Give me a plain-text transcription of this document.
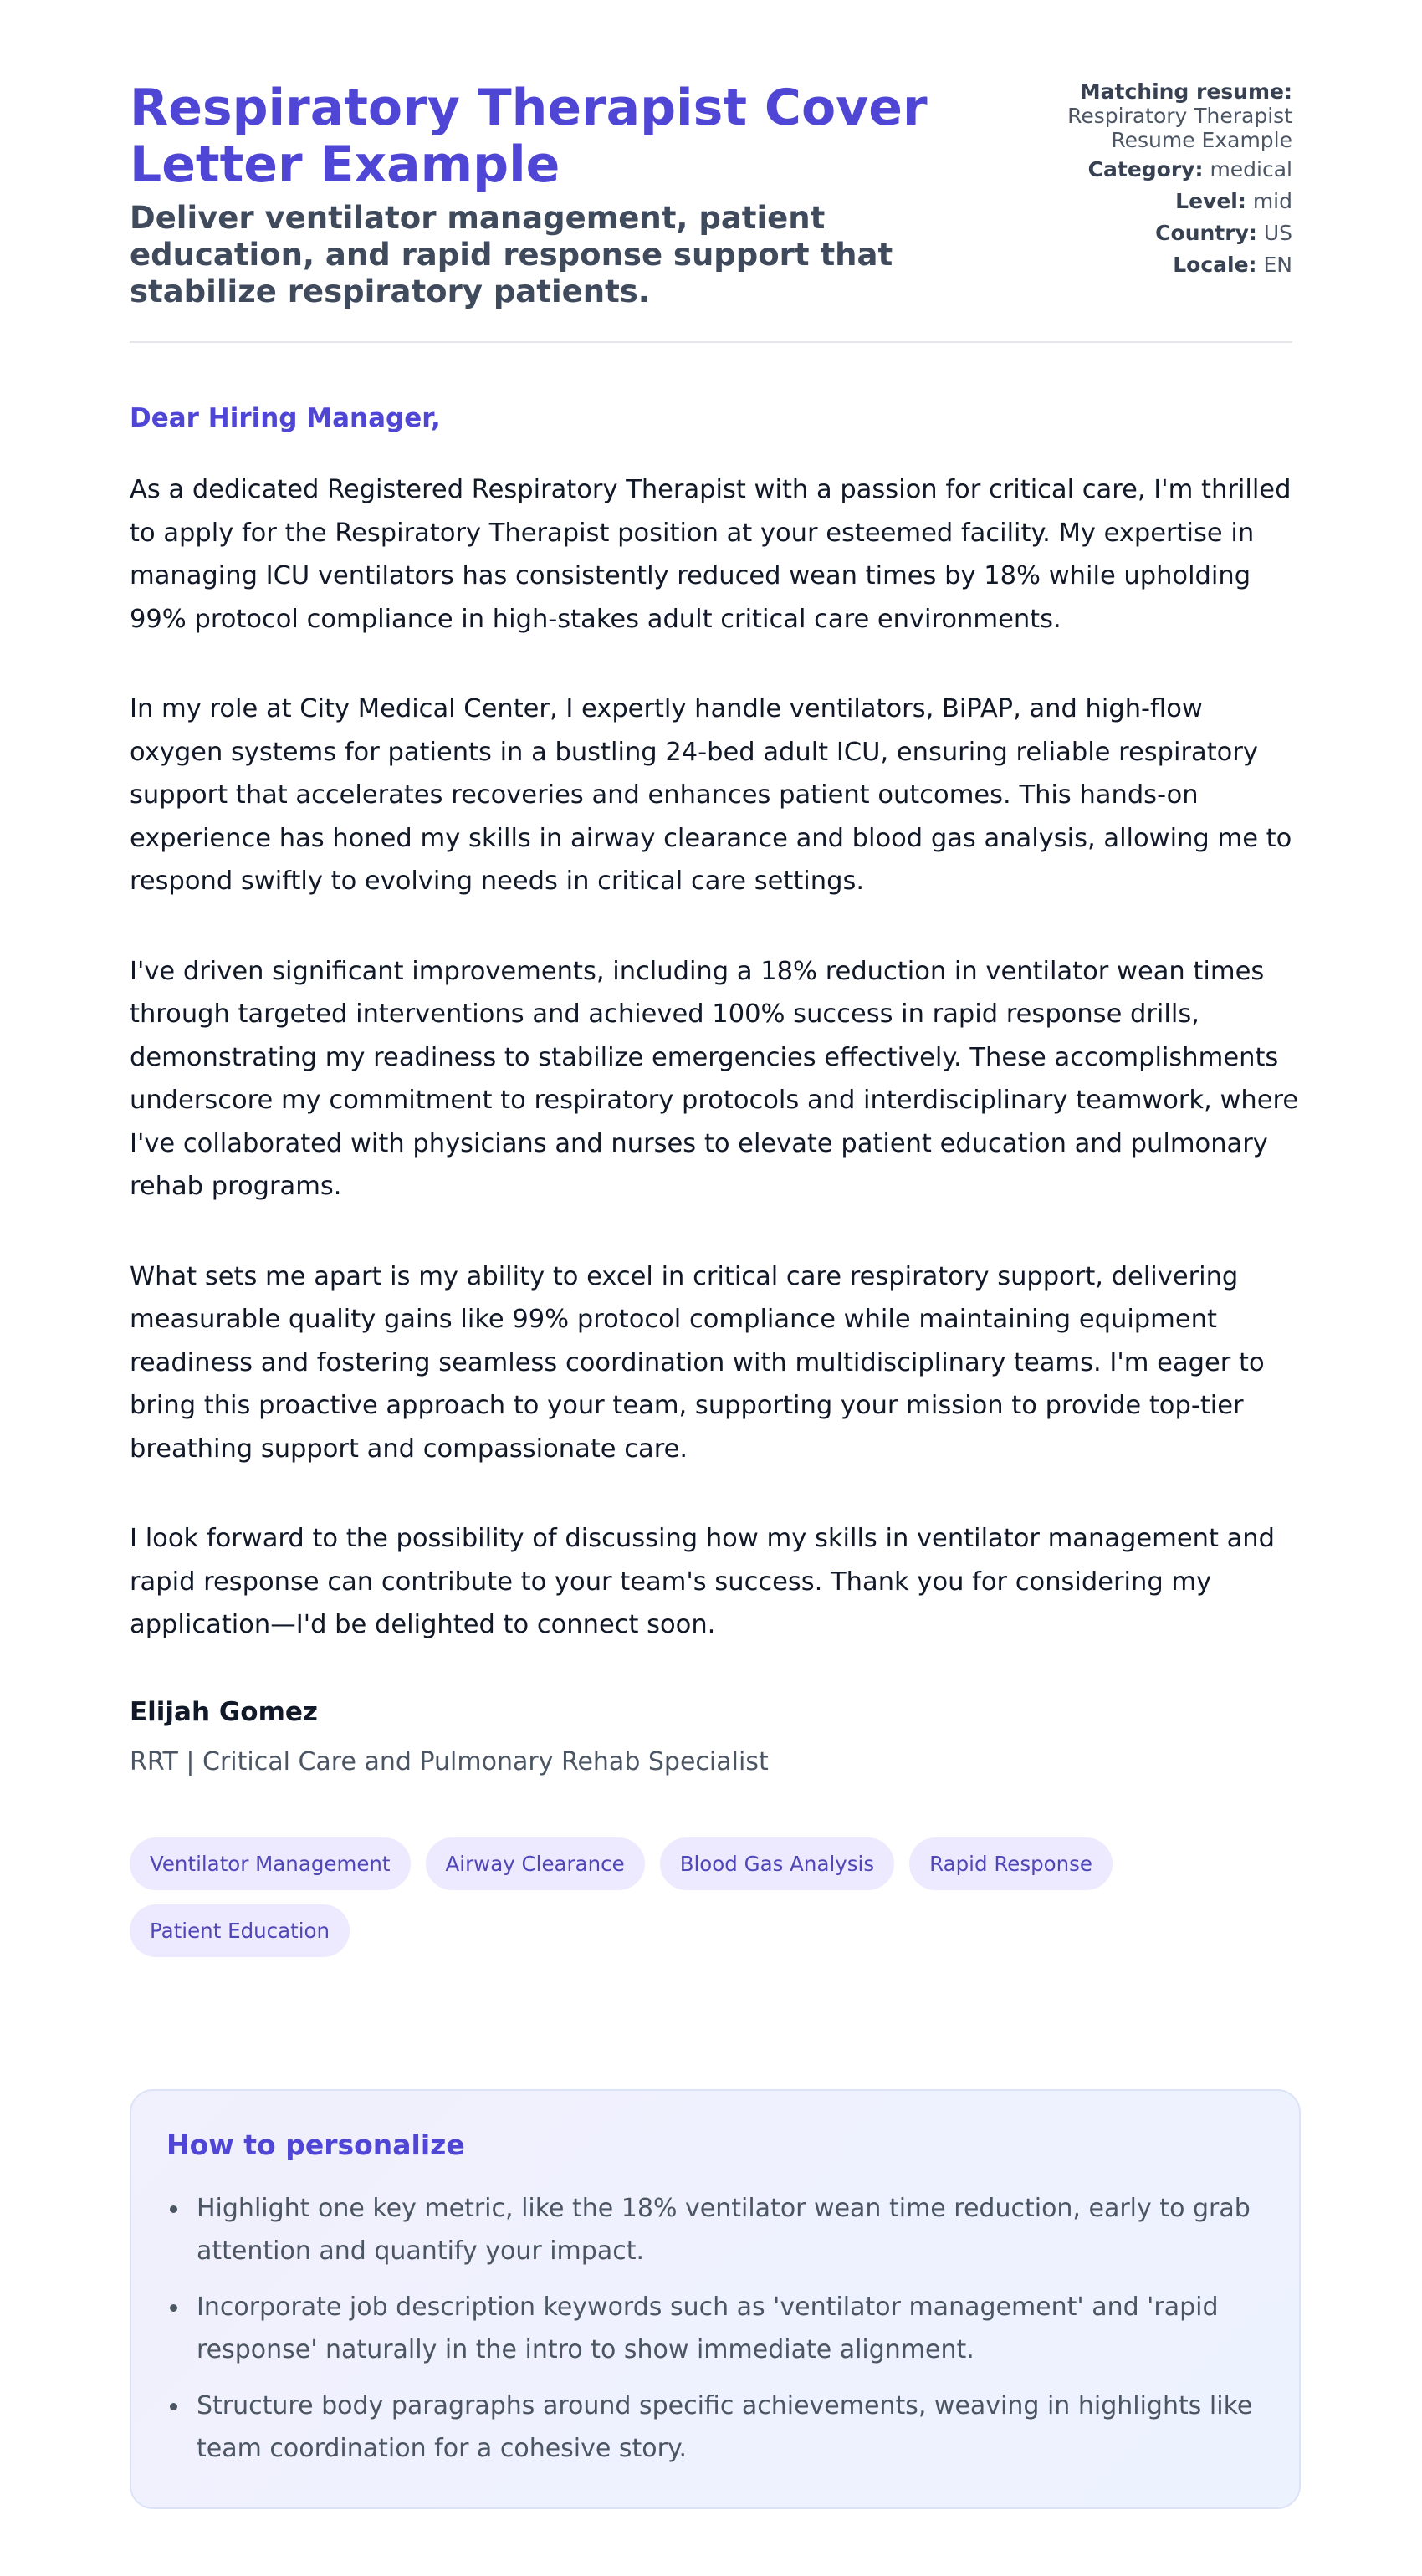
Respiratory Therapist Cover Letter Example
Deliver ventilator management, patient education, and rapid response support that stabilize respiratory patients.
Matching resume:
Respiratory Therapist Resume Example
Category: medical
Level: mid
Country: US
Locale: EN
Dear Hiring Manager,

As a dedicated Registered Respiratory Therapist with a passion for critical care, I'm thrilled to apply for the Respiratory Therapist position at your esteemed facility. My expertise in managing ICU ventilators has consistently reduced wean times by 18% while upholding 99% protocol compliance in high-stakes adult critical care environments.

In my role at City Medical Center, I expertly handle ventilators, BiPAP, and high-flow oxygen systems for patients in a bustling 24-bed adult ICU, ensuring reliable respiratory support that accelerates recoveries and enhances patient outcomes. This hands-on experience has honed my skills in airway clearance and blood gas analysis, allowing me to respond swiftly to evolving needs in critical care settings.

I've driven significant improvements, including a 18% reduction in ventilator wean times through targeted interventions and achieved 100% success in rapid response drills, demonstrating my readiness to stabilize emergencies effectively. These accomplishments underscore my commitment to respiratory protocols and interdisciplinary teamwork, where I've collaborated with physicians and nurses to elevate patient education and pulmonary rehab programs.

What sets me apart is my ability to excel in critical care respiratory support, delivering measurable quality gains like 99% protocol compliance while maintaining equipment readiness and fostering seamless coordination with multidisciplinary teams. I'm eager to bring this proactive approach to your team, supporting your mission to provide top-tier breathing support and compassionate care.

I look forward to the possibility of discussing how my skills in ventilator management and rapid response can contribute to your team's success. Thank you for considering my application—I'd be delighted to connect soon.

Elijah Gomez
RRT | Critical Care and Pulmonary Rehab Specialist
Ventilator Management	Airway Clearance	Blood Gas Analysis	Rapid Response
Patient Education
How to personalize
Highlight one key metric, like the 18% ventilator wean time reduction, early to grab attention and quantify your impact.
Incorporate job description keywords such as 'ventilator management' and 'rapid response' naturally in the intro to show immediate alignment.
Structure body paragraphs around specific achievements, weaving in highlights like team coordination for a cohesive story.
